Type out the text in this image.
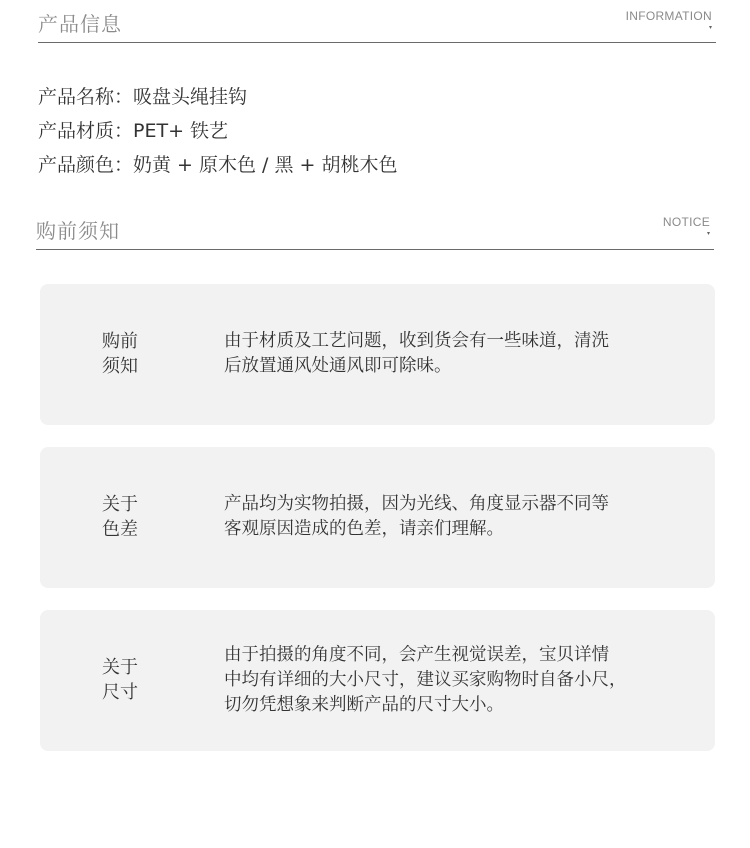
产品信息	INFORMATION
▾
产品名称：吸盘头绳挂钩
产品材质：PET+ 铁艺
产品颜色：奶黄 + 原木色 / 黑 + 胡桃木色
购前须知	NOTICE
▾
购前
须知
由于材质及工艺问题，收到货会有一些味道，清洗
后放置通风处通风即可除味。
关于
色差
产品均为实物拍摄，因为光线、角度显示器不同等
客观原因造成的色差，请亲们理解。
关于
尺寸
由于拍摄的角度不同，会产生视觉误差，宝贝详情
中均有详细的大小尺寸，建议买家购物时自备小尺，
切勿凭想象来判断产品的尺寸大小。
